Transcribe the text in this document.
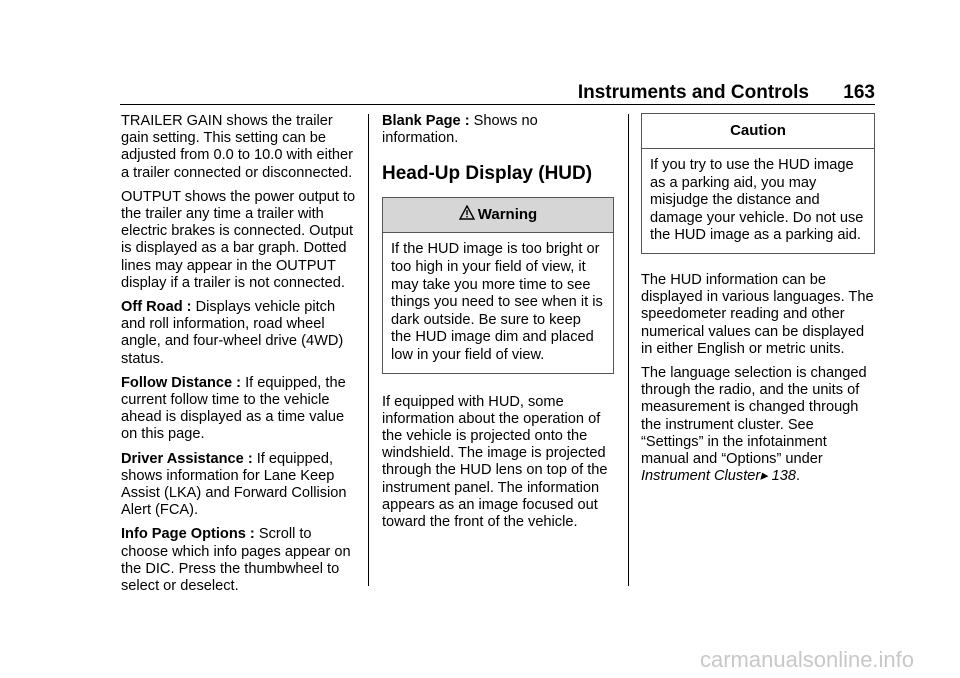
Instruments and Controls 163

TRAILER GAIN shows the trailer gain setting. This setting can be adjusted from 0.0 to 10.0 with either a trailer connected or disconnected.

OUTPUT shows the power output to the trailer any time a trailer with electric brakes is connected. Output is displayed as a bar graph. Dotted lines may appear in the OUTPUT display if a trailer is not connected.

Off Road : Displays vehicle pitch and roll information, road wheel angle, and four-wheel drive (4WD) status.

Follow Distance : If equipped, the current follow time to the vehicle ahead is displayed as a time value on this page.

Driver Assistance : If equipped, shows information for Lane Keep Assist (LKA) and Forward Collision Alert (FCA).

Info Page Options : Scroll to choose which info pages appear on the DIC. Press the thumbwheel to select or deselect.

Blank Page : Shows no information.

Head-Up Display (HUD)
Warning
If the HUD image is too bright or too high in your field of view, it may take you more time to see things you need to see when it is dark outside. Be sure to keep the HUD image dim and placed low in your field of view.

If equipped with HUD, some information about the operation of the vehicle is projected onto the windshield. The image is projected through the HUD lens on top of the instrument panel. The information appears as an image focused out toward the front of the vehicle.

Caution
If you try to use the HUD image as a parking aid, you may misjudge the distance and damage your vehicle. Do not use the HUD image as a parking aid.

The HUD information can be displayed in various languages. The speedometer reading and other numerical values can be displayed in either English or metric units.

The language selection is changed through the radio, and the units of measurement is changed through the instrument cluster. See “Settings” in the infotainment manual and “Options” under Instrument Cluster▸ 138.

carmanualsonline.info
